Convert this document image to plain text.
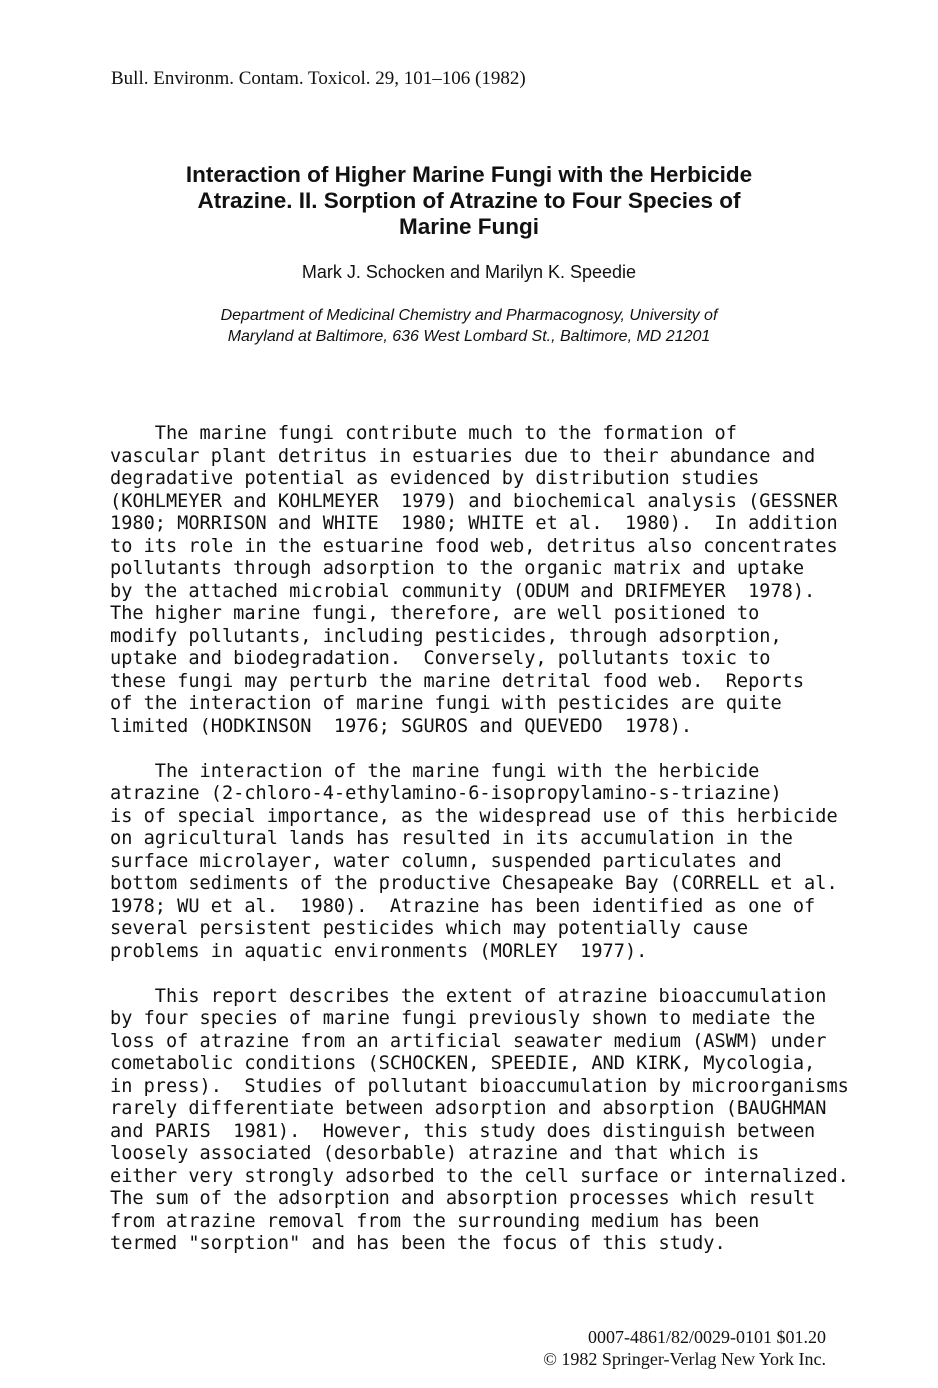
Bull. Environm. Contam. Toxicol. 29, 101–106 (1982)
Interaction of Higher Marine Fungi with the Herbicide
Atrazine. II. Sorption of Atrazine to Four Species of
Marine Fungi
Mark J. Schocken and Marilyn K. Speedie
Department of Medicinal Chemistry and Pharmacognosy, University of
Maryland at Baltimore, 636 West Lombard St., Baltimore, MD 21201
The marine fungi contribute much to the formation of
vascular plant detritus in estuaries due to their abundance and
degradative potential as evidenced by distribution studies
(KOHLMEYER and KOHLMEYER  1979) and biochemical analysis (GESSNER
1980; MORRISON and WHITE  1980; WHITE et al.  1980).  In addition
to its role in the estuarine food web, detritus also concentrates
pollutants through adsorption to the organic matrix and uptake
by the attached microbial community (ODUM and DRIFMEYER  1978).
The higher marine fungi, therefore, are well positioned to
modify pollutants, including pesticides, through adsorption,
uptake and biodegradation.  Conversely, pollutants toxic to
these fungi may perturb the marine detrital food web.  Reports
of the interaction of marine fungi with pesticides are quite
limited (HODKINSON  1976; SGUROS and QUEVEDO  1978).
The interaction of the marine fungi with the herbicide
atrazine (2-chloro-4-ethylamino-6-isopropylamino-s-triazine)
is of special importance, as the widespread use of this herbicide
on agricultural lands has resulted in its accumulation in the
surface microlayer, water column, suspended particulates and
bottom sediments of the productive Chesapeake Bay (CORRELL et al.
1978; WU et al.  1980).  Atrazine has been identified as one of
several persistent pesticides which may potentially cause
problems in aquatic environments (MORLEY  1977).
This report describes the extent of atrazine bioaccumulation
by four species of marine fungi previously shown to mediate the
loss of atrazine from an artificial seawater medium (ASWM) under
cometabolic conditions (SCHOCKEN, SPEEDIE, AND KIRK, Mycologia,
in press).  Studies of pollutant bioaccumulation by microorganisms
rarely differentiate between adsorption and absorption (BAUGHMAN
and PARIS  1981).  However, this study does distinguish between
loosely associated (desorbable) atrazine and that which is
either very strongly adsorbed to the cell surface or internalized.
The sum of the adsorption and absorption processes which result
from atrazine removal from the surrounding medium has been
termed "sorption" and has been the focus of this study.
0007-4861/82/0029-0101 $01.20
© 1982 Springer-Verlag New York Inc.
